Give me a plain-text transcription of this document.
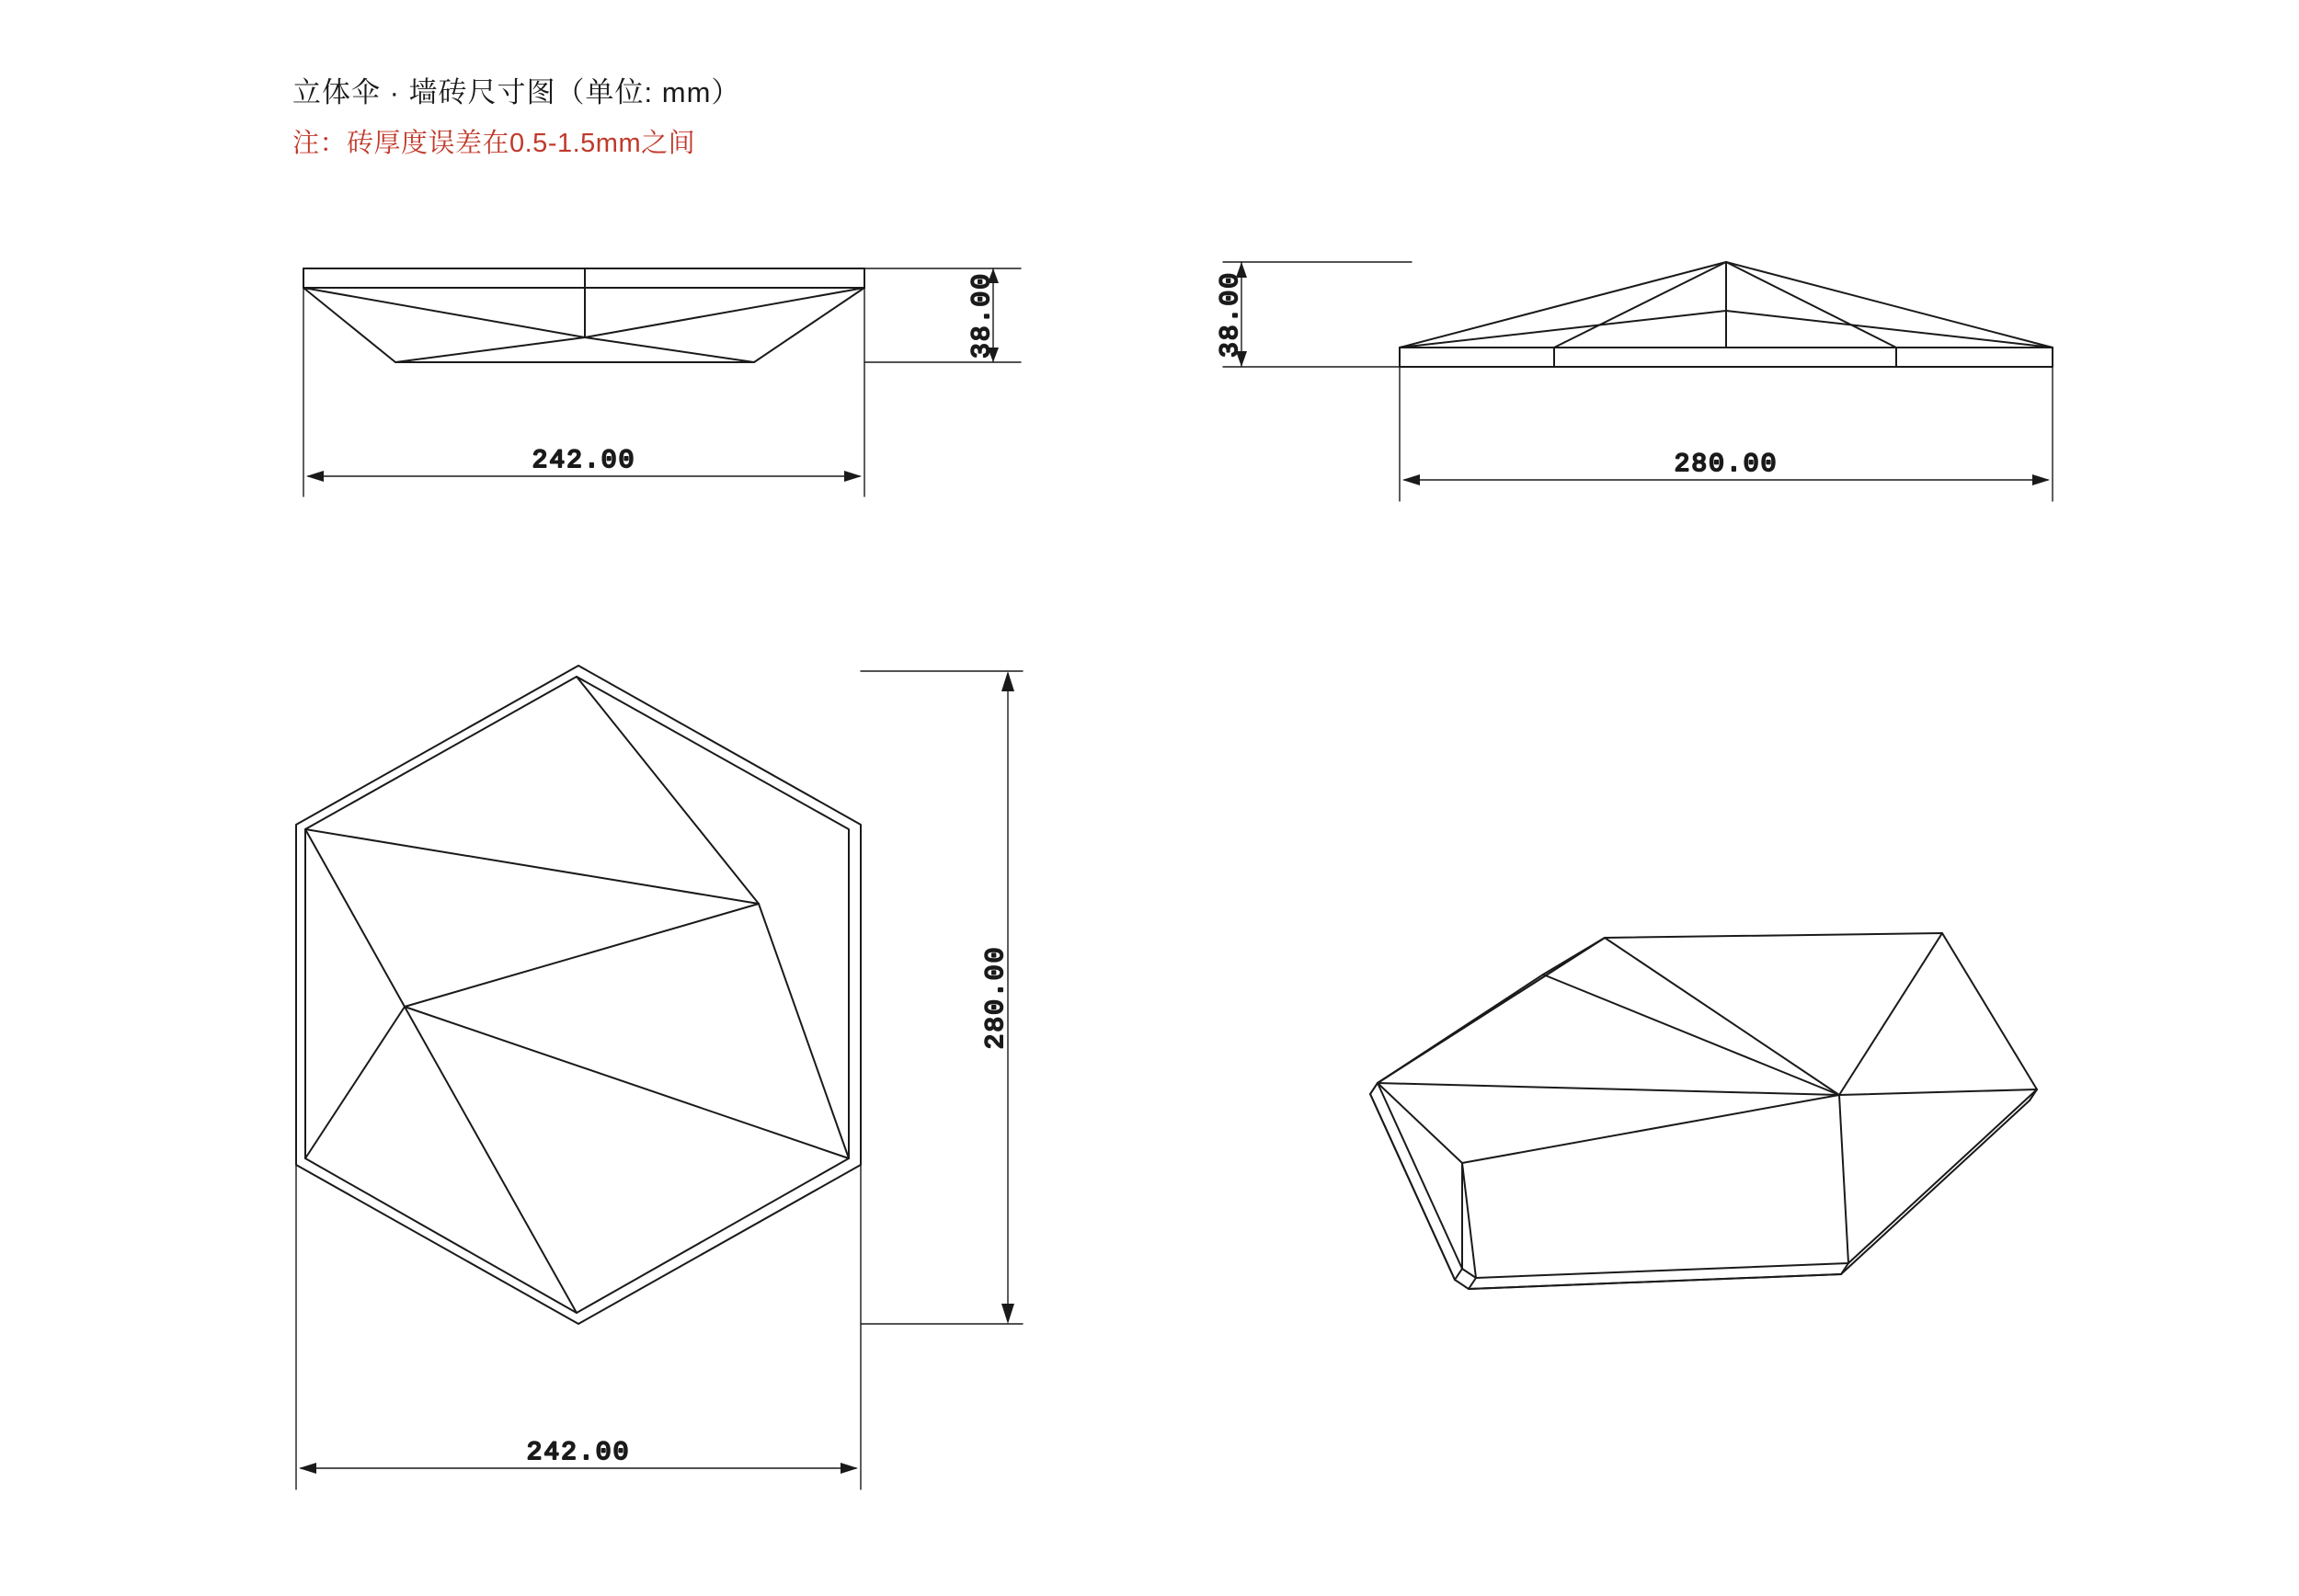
立体伞 · 墙砖尺寸图（单位: mm）
注：砖厚度误差在0.5-1.5mm之间
38.00
242.00
38.00
280.00
280.00
242.00
